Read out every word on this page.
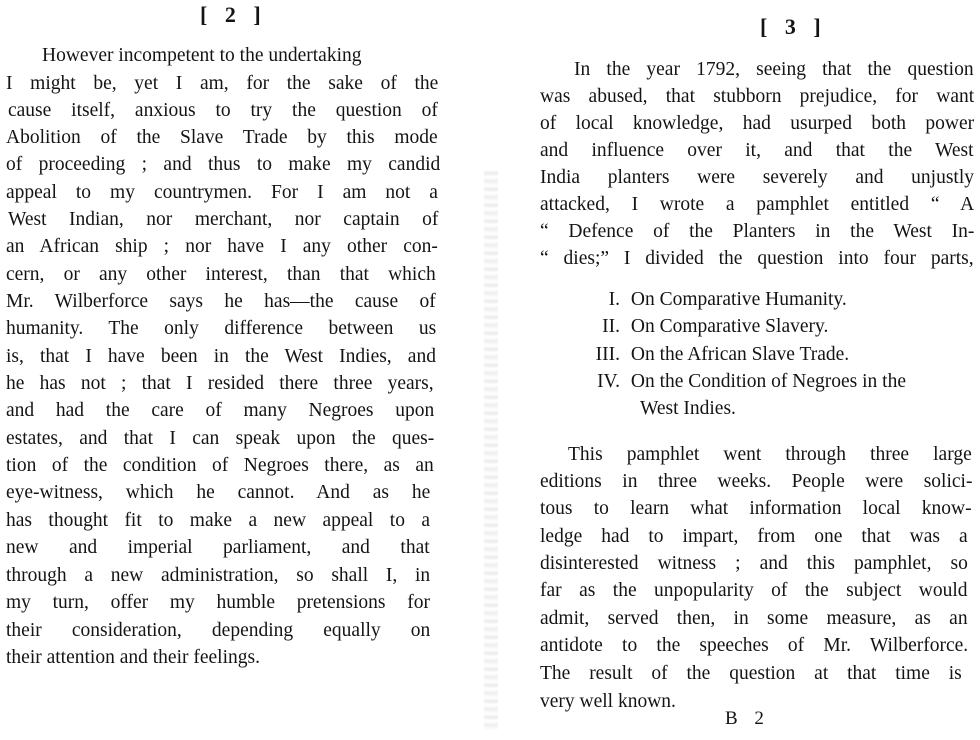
[ 2 ]
However incompetent to the undertaking
I might be, yet I am, for the sake of the
cause itself, anxious to try the question of
Abolition of the Slave Trade by this mode
of proceeding ; and thus to make my candid
appeal to my countrymen. For I am not a
West Indian, nor merchant, nor captain of
an African ship ; nor have I any other con-
cern, or any other interest, than that which
Mr. Wilberforce says he has—the cause of
humanity. The only difference between us
is, that I have been in the West Indies, and
he has not ; that I resided there three years,
and had the care of many Negroes upon
estates, and that I can speak upon the ques-
tion of the condition of Negroes there, as an
eye-witness, which he cannot. And as he
has thought fit to make a new appeal to a
new and imperial parliament, and that
through a new administration, so shall I, in
my turn, offer my humble pretensions for
their consideration, depending equally on
their attention and their feelings.
[ 3 ]
In the year 1792, seeing that the question
was abused, that stubborn prejudice, for want
of local knowledge, had usurped both power
and influence over it, and that the West
India planters were severely and unjustly
attacked, I wrote a pamphlet entitled “ A
“ Defence of the Planters in the West In-
“ dies;” I divided the question into four parts,
I. On Comparative Humanity.
II. On Comparative Slavery.
III. On the African Slave Trade.
IV. On the Condition of Negroes in the
West Indies.
This pamphlet went through three large
editions in three weeks. People were solici-
tous to learn what information local know-
ledge had to impart, from one that was a
disinterested witness ; and this pamphlet, so
far as the unpopularity of the subject would
admit, served then, in some measure, as an
antidote to the speeches of Mr. Wilberforce.
The result of the question at that time is
very well known.
B 2
